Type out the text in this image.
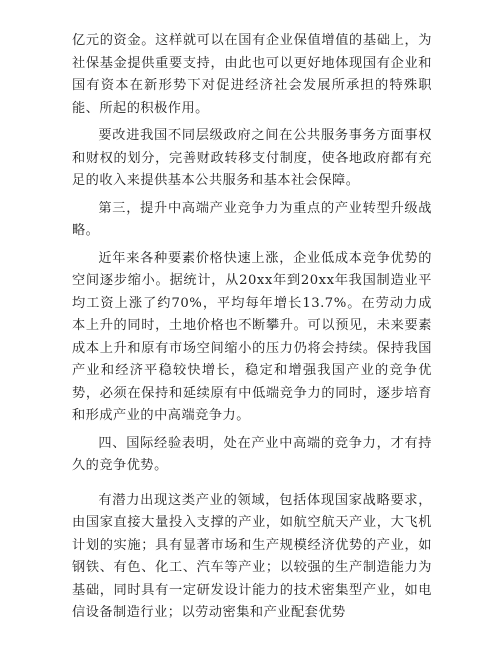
亿元的资金。这样就可以在国有企业保值增值的基础上，为社保基金提供重要支持，由此也可以更好地体现国有企业和国有资本在新形势下对促进经济社会发展所承担的特殊职能、所起的积极作用。

要改进我国不同层级政府之间在公共服务事务方面事权和财权的划分，完善财政转移支付制度，使各地政府都有充足的收入来提供基本公共服务和基本社会保障。

第三，提升中高端产业竞争力为重点的产业转型升级战略。

近年来各种要素价格快速上涨，企业低成本竞争优势的空间逐步缩小。据统计，从20xx年到20xx年我国制造业平均工资上涨了约70%，平均每年增长13.7%。在劳动力成本上升的同时，土地价格也不断攀升。可以预见，未来要素成本上升和原有市场空间缩小的压力仍将会持续。保持我国产业和经济平稳较快增长，稳定和增强我国产业的竞争优势，必须在保持和延续原有中低端竞争力的同时，逐步培育和形成产业的中高端竞争力。

四、国际经验表明，处在产业中高端的竞争力，才有持久的竞争优势。

有潜力出现这类产业的领域，包括体现国家战略要求，由国家直接大量投入支撑的产业，如航空航天产业，大飞机计划的实施；具有显著市场和生产规模经济优势的产业，如钢铁、有色、化工、汽车等产业；以较强的生产制造能力为基础，同时具有一定研发设计能力的技术密集型产业，如电信设备制造行业；以劳动密集和产业配套优势
